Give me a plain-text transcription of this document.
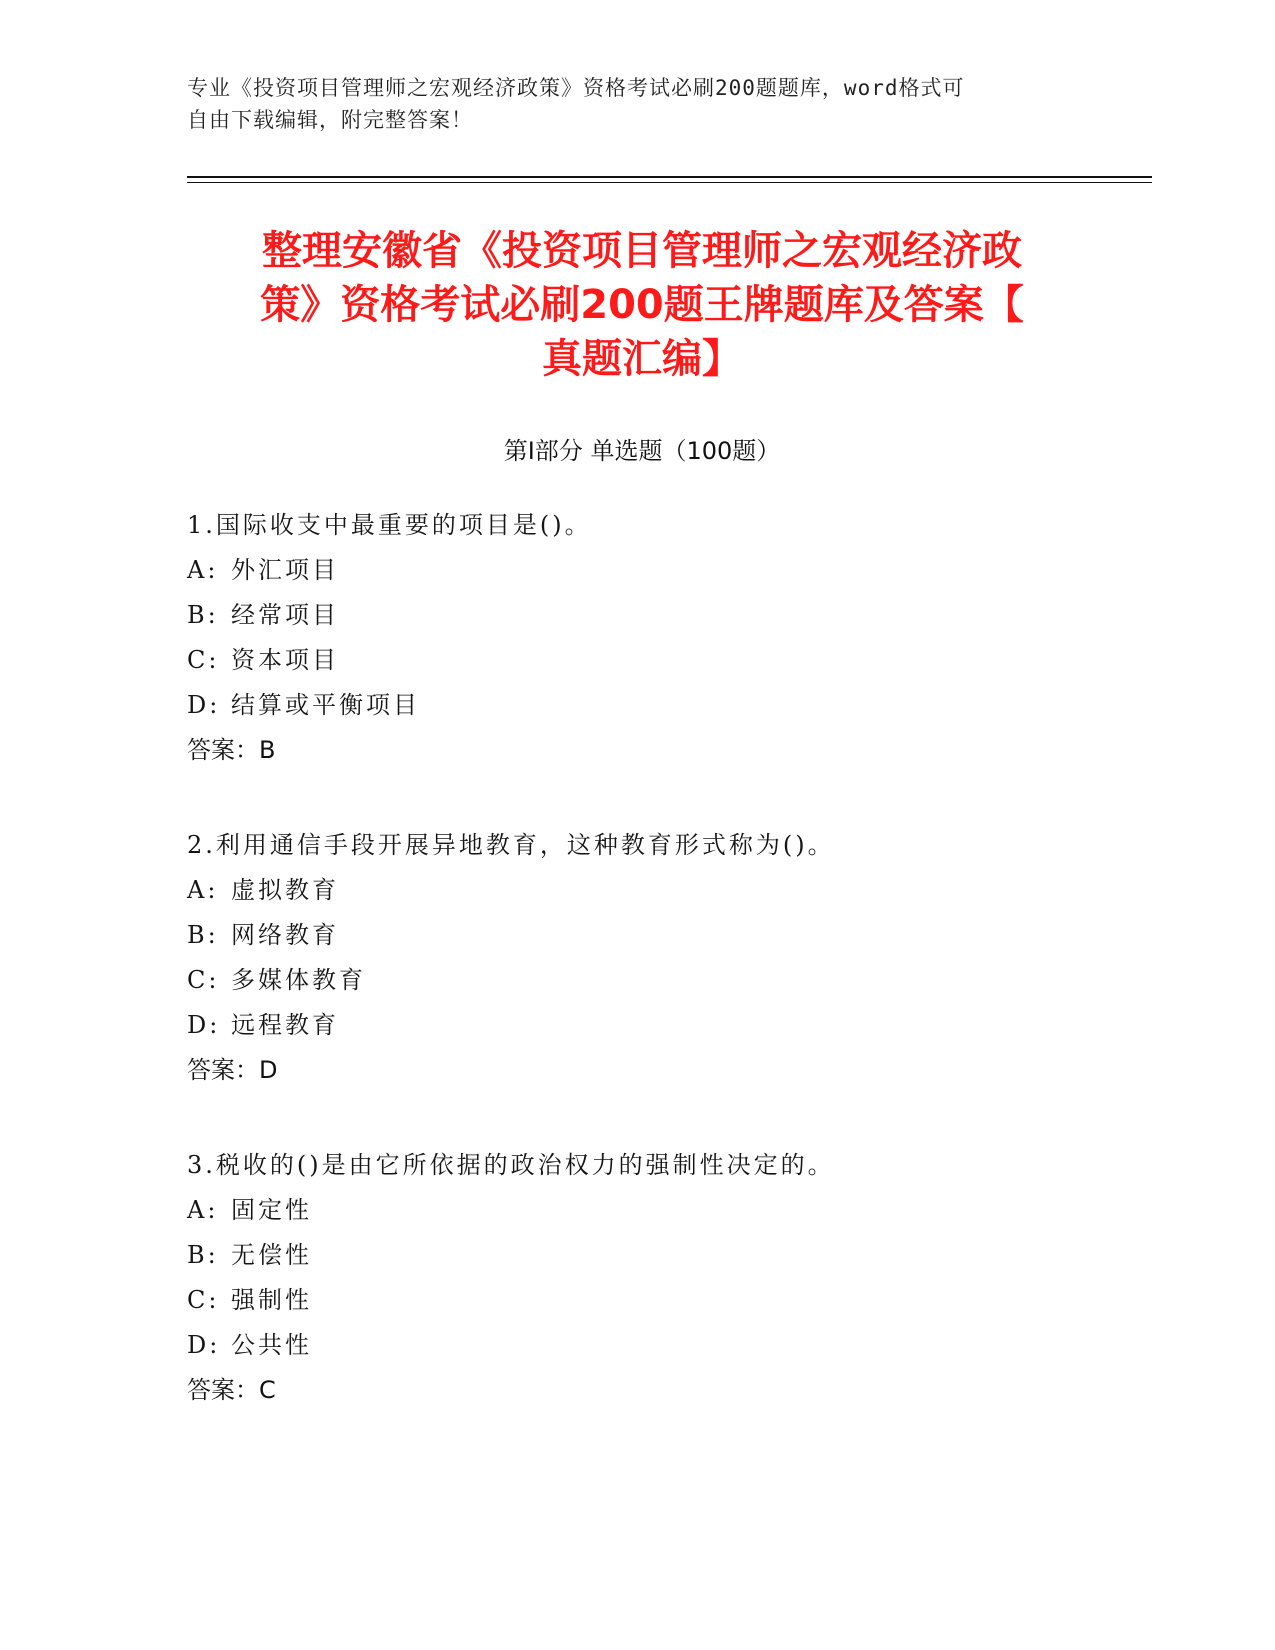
专业《投资项目管理师之宏观经济政策》资格考试必刷200题题库，word格式可
自由下载编辑，附完整答案！
整理安徽省《投资项目管理师之宏观经济政
策》资格考试必刷200题王牌题库及答案【
真题汇编】
第Ⅰ部分 单选题（100题）
1.国际收支中最重要的项目是()。
A: 外汇项目
B: 经常项目
C: 资本项目
D: 结算或平衡项目
答案：B
2.利用通信手段开展异地教育，这种教育形式称为()。
A: 虚拟教育
B: 网络教育
C: 多媒体教育
D: 远程教育
答案：D
3.税收的()是由它所依据的政治权力的强制性决定的。
A: 固定性
B: 无偿性
C: 强制性
D: 公共性
答案：C
